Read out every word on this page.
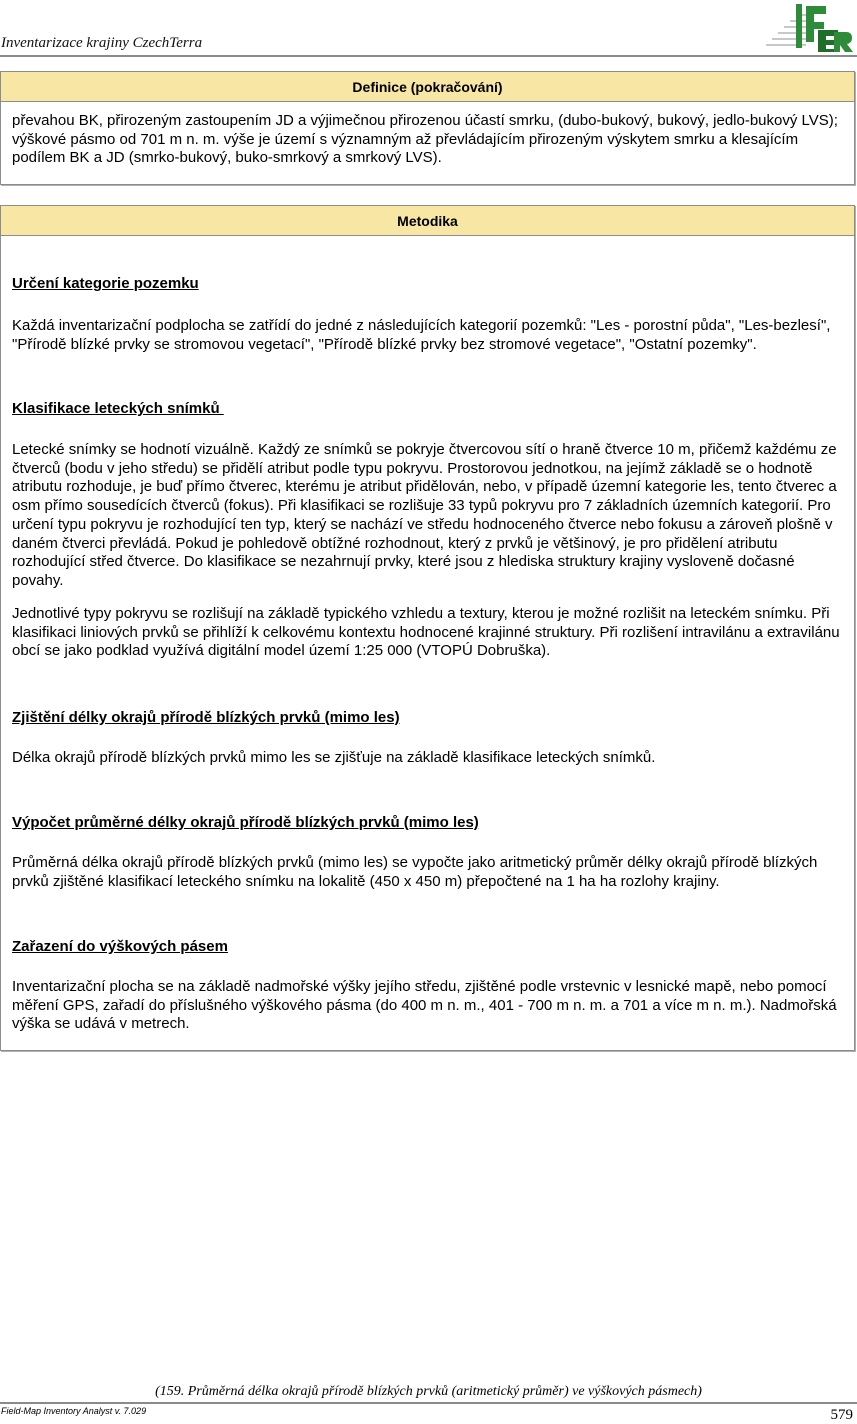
Inventarizace krajiny CzechTerra
Definice (pokračování)

převahou BK, přirozeným zastoupením JD a výjimečnou přirozenou účastí smrku, (dubo-bukový, bukový, jedlo-bukový LVS); výškové pásmo od 701 m n. m. výše je území s významným až převládajícím přirozeným výskytem smrku a klesajícím podílem BK a JD (smrko-bukový, buko-smrkový a smrkový LVS).

Metodika

Určení kategorie pozemku

Každá inventarizační podplocha se zatřídí do jedné z následujících kategorií pozemků: "Les - porostní půda", "Les-bezlesí", "Přírodě blízké prvky se stromovou vegetací", "Přírodě blízké prvky bez stromové vegetace", "Ostatní pozemky".

Klasifikace leteckých snímků

Letecké snímky se hodnotí vizuálně. Každý ze snímků se pokryje čtvercovou sítí o hraně čtverce 10 m, přičemž každému ze čtverců (bodu v jeho středu) se přidělí atribut podle typu pokryvu. Prostorovou jednotkou, na jejímž základě se o hodnotě atributu rozhoduje, je buď přímo čtverec, kterému je atribut přidělován, nebo, v případě územní kategorie les, tento čtverec a osm přímo sousedících čtverců (fokus). Při klasifikaci se rozlišuje 33 typů pokryvu pro 7 základních územních kategorií. Pro určení typu pokryvu je rozhodující ten typ, který se nachází ve středu hodnoceného čtverce nebo fokusu a zároveň plošně v daném čtverci převládá. Pokud je pohledově obtížné rozhodnout, který z prvků je většinový, je pro přidělení atributu rozhodující střed čtverce. Do klasifikace se nezahrnují prvky, které jsou z hlediska struktury krajiny vysloveně dočasné povahy.

Jednotlivé typy pokryvu se rozlišují na základě typického vzhledu a textury, kterou je možné rozlišit na leteckém snímku. Při klasifikaci liniových prvků se přihlíží k celkovému kontextu hodnocené krajinné struktury. Při rozlišení intravilánu a extravilánu obcí se jako podklad využívá digitální model území 1:25 000 (VTOPÚ Dobruška).

Zjištění délky okrajů přírodě blízkých prvků (mimo les)

Délka okrajů přírodě blízkých prvků mimo les se zjišťuje na základě klasifikace leteckých snímků.

Výpočet průměrné délky okrajů přírodě blízkých prvků (mimo les)

Průměrná délka okrajů přírodě blízkých prvků (mimo les) se vypočte jako aritmetický průměr délky okrajů přírodě blízkých prvků zjištěné klasifikací leteckého snímku na lokalitě (450 x 450 m) přepočtené na 1 ha ha rozlohy krajiny.

Zařazení do výškových pásem

Inventarizační plocha se na základě nadmořské výšky jejího středu, zjištěné podle vrstevnic v lesnické mapě, nebo pomocí měření GPS, zařadí do příslušného výškového pásma (do 400 m n. m., 401 - 700 m n. m. a 701 a více m n. m.). Nadmořská výška se udává v metrech.

(159. Průměrná délka okrajů přírodě blízkých prvků (aritmetický průměr) ve výškových pásmech)
Field-Map Inventory Analyst v. 7.029	579
